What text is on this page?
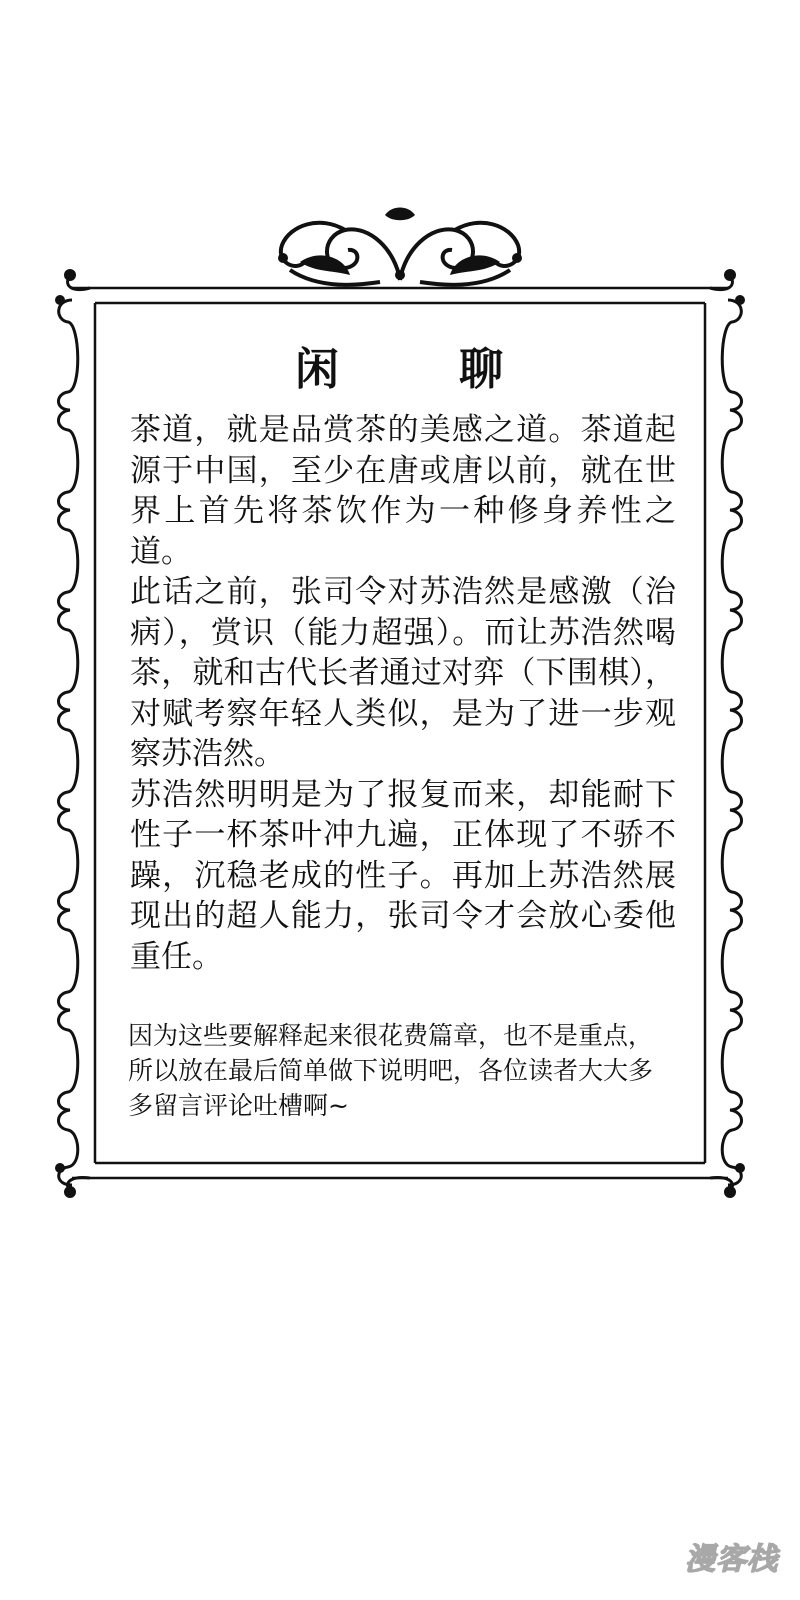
闲	聊

茶道，就是品赏茶的美感之道。茶道起源于中国，至少在唐或唐以前，就在世界上首先将茶饮作为一种修身养性之道。

此话之前，张司令对苏浩然是感激（治病），赏识（能力超强）。而让苏浩然喝茶，就和古代长者通过对弈（下围棋），对赋考察年轻人类似，是为了进一步观察苏浩然。

苏浩然明明是为了报复而来，却能耐下性子一杯茶叶冲九遍，正体现了不骄不躁，沉稳老成的性子。再加上苏浩然展现出的超人能力，张司令才会放心委他重任。

因为这些要解释起来很花费篇章，也不是重点，所以放在最后简单做下说明吧，各位读者大大多多留言评论吐槽啊~

漫客栈
